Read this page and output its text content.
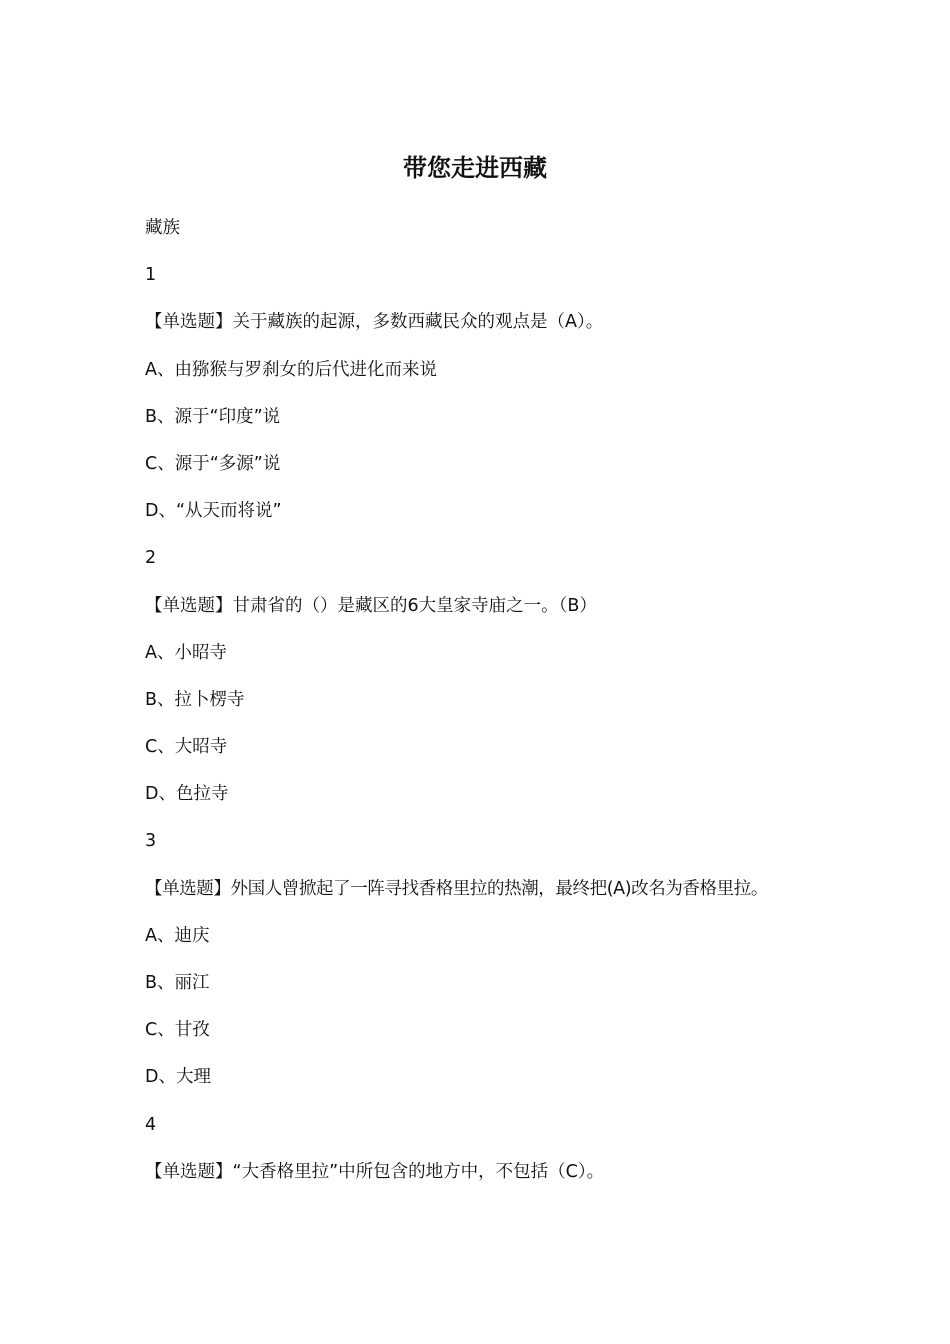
带您走进西藏

藏族

1

【单选题】关于藏族的起源，多数西藏民众的观点是（A）。

A、由猕猴与罗刹女的后代进化而来说

B、源于“印度”说

C、源于“多源”说

D、“从天而将说”

2

【单选题】甘肃省的（）是藏区的6大皇家寺庙之一。（B）

A、小昭寺

B、拉卜楞寺

C、大昭寺

D、色拉寺

3

【单选题】外国人曾掀起了一阵寻找香格里拉的热潮，最终把(A)改名为香格里拉。

A、迪庆

B、丽江

C、甘孜

D、大理

4

【单选题】“大香格里拉”中所包含的地方中，不包括（C）。
